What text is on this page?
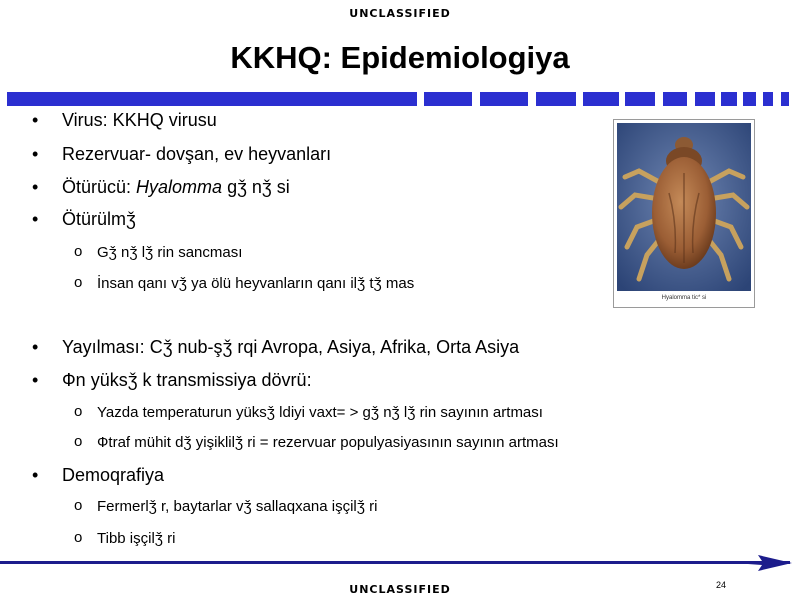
UNCLASSIFIED
KKHQ: Epidemiologiya
• Virus: KKHQ virusu
• Rezervuar- dovşan, ev heyvanları
• Ötürücü: Hyalomma gǯ nǯ si
• Ötürülmǯ
o Gǯ nǯ lǯ rin sancması
o İnsan qanı vǯ ya ölü heyvanların qanı ilǯ tǯ mas
• Yayılması: Cǯ nub-şǯ rqi Avropa, Asiya, Afrika, Orta Asiya
• Фn yüksǯ k transmissiya dövrü:
o Yazda temperaturun yüksǯ ldiyi vaxt= > gǯ nǯ lǯ rin sayının artması
o Фtraf mühit dǯ yişiklilǯ ri = rezervuar populyasiyasının sayının artması
• Demoqrafiya
o Fermerlǯ r, baytarlar vǯ sallaqxana işçilǯ ri
o Tibb işçilǯ ri
Hyalomma tic* si
24
UNCLASSIFIED
